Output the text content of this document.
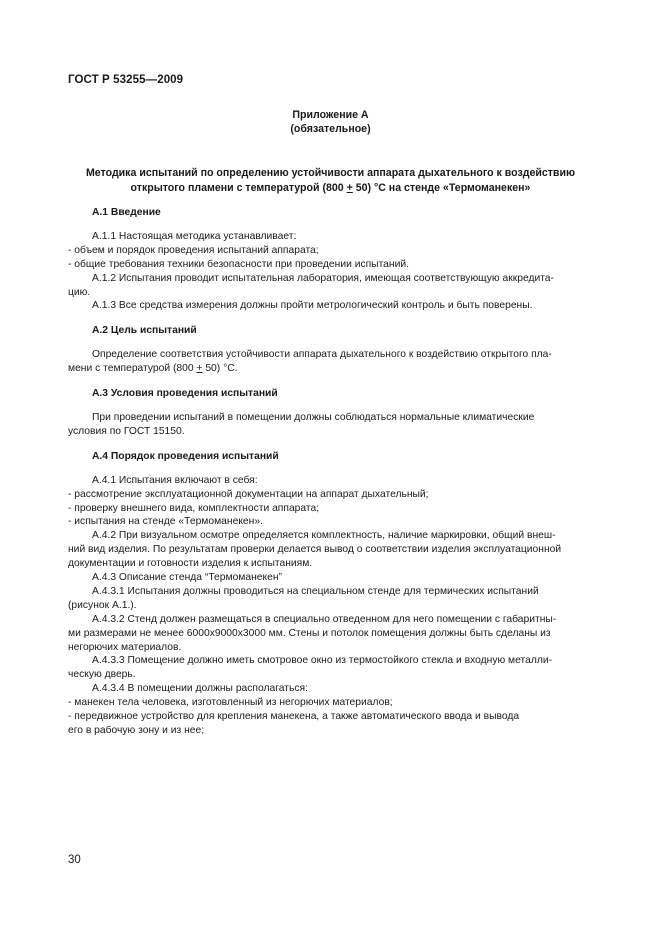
ГОСТ Р 53255—2009
Приложение А
(обязательное)
Методика испытаний по определению устойчивости аппарата дыхательного к воздействию
открытого пламени с температурой (800 + 50) °С на стенде «Термоманекен»
А.1 Введение

А.1.1 Настоящая методика устанавливает:

- объем и порядок проведения испытаний аппарата;

- общие требования техники безопасности при проведении испытаний.

А.1.2 Испытания проводит испытательная лаборатория, имеющая соответствующую аккредита-

цию.

А.1.3 Все средства измерения должны пройти метрологический контроль и быть поверены.

А.2 Цель испытаний

Определение соответствия устойчивости аппарата дыхательного к воздействию открытого пла-

мени с температурой (800 + 50) °С.

А.3 Условия проведения испытаний

При проведении испытаний в помещении должны соблюдаться нормальные климатические

условия по ГОСТ 15150.

А.4 Порядок проведения испытаний

А.4.1 Испытания включают в себя:

- рассмотрение эксплуатационной документации на аппарат дыхательный;

- проверку внешнего вида, комплектности аппарата;

- испытания на стенде «Термоманекен».

А.4.2 При визуальном осмотре определяется комплектность, наличие маркировки, общий внеш-

ний вид изделия. По результатам проверки делается вывод о соответствии изделия эксплуатационной

документации и готовности изделия к испытаниям.

А.4.3 Описание стенда “Термоманекен”

А.4.3.1 Испытания должны проводиться на специальном стенде для термических испытаний

(рисунок А.1.).

А.4.3.2 Стенд должен размещаться в специально отведенном для него помещении с габаритны-

ми размерами не менее 6000х9000х3000 мм. Стены и потолок помещения должны быть сделаны из

негорючих материалов.

А.4.3.3 Помещение должно иметь смотровое окно из термостойкого стекла и входную металли-

ческую дверь.

А.4.3.4 В помещении должны располагаться:

- манекен тела человека, изготовленный из негорючих материалов;

- передвижное устройство для крепления манекена, а также автоматического ввода и вывода

его в рабочую зону и из нее;

30
